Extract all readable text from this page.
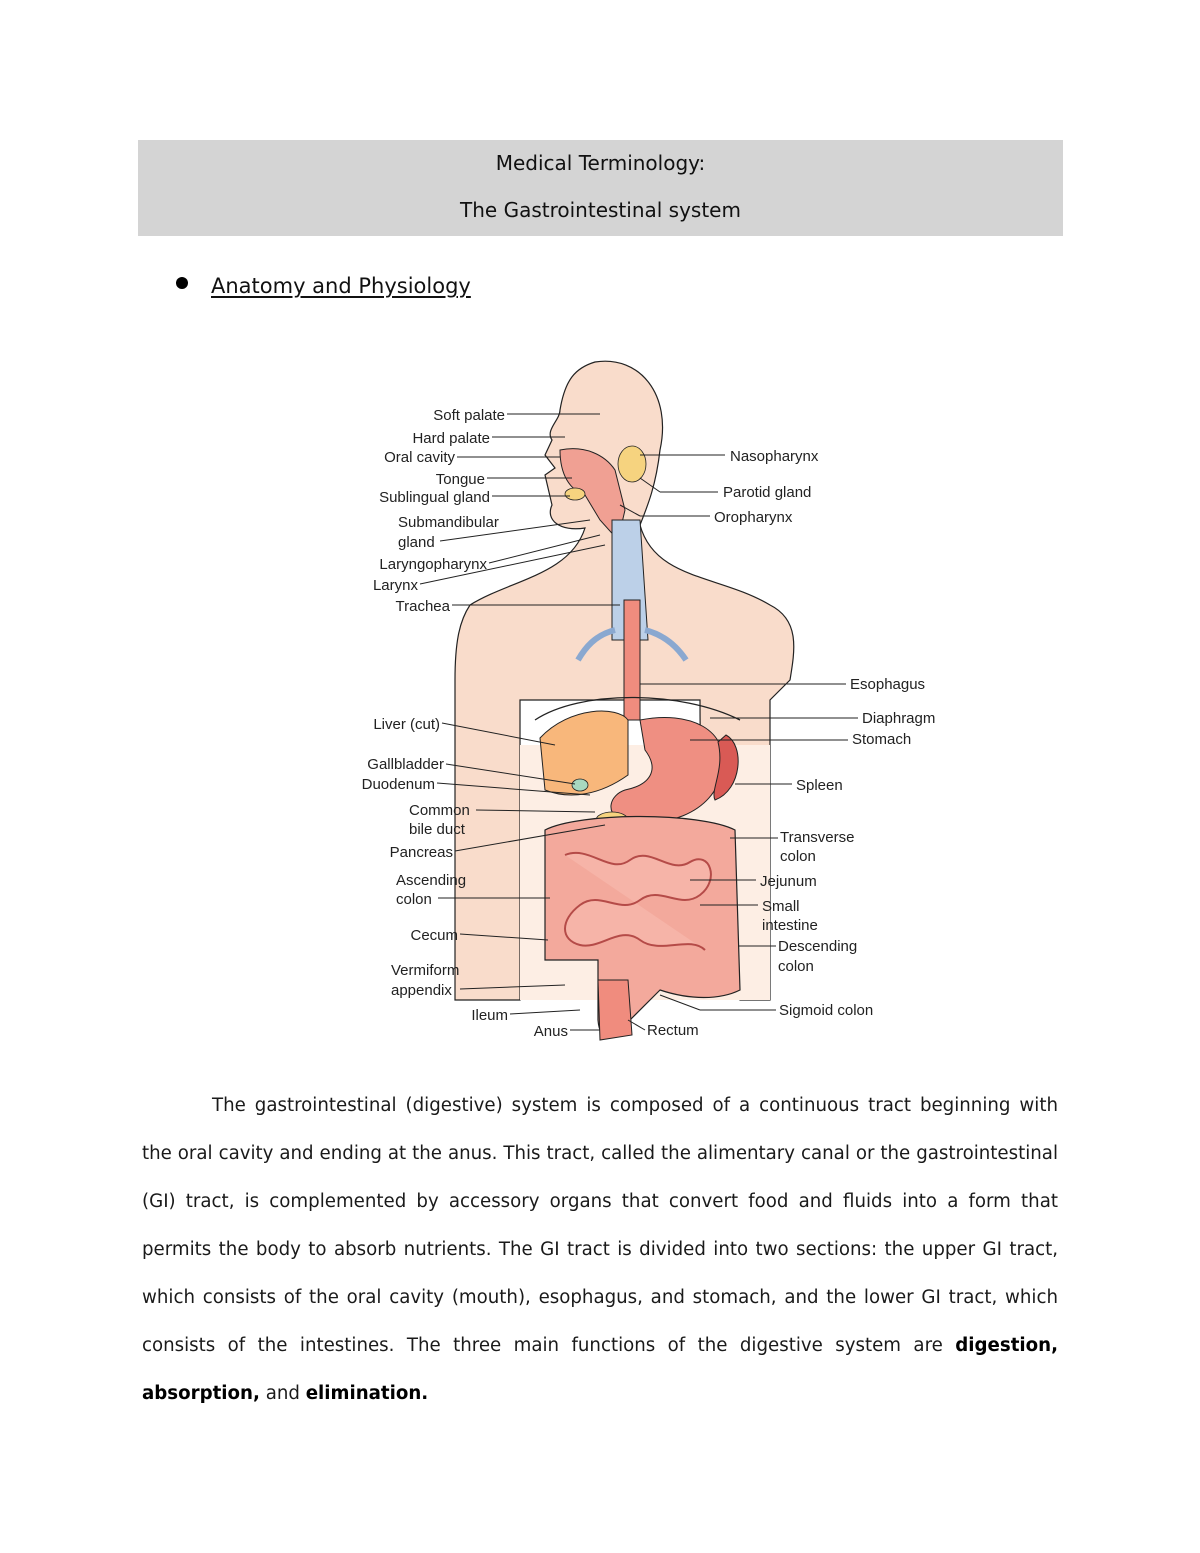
Medical Terminology:
The Gastrointestinal system
Anatomy and Physiology
Soft palate
Hard palate
Oral cavity
Tongue
Sublingual gland
Submandibular
gland
Laryngopharynx
Larynx
Trachea
Liver (cut)
Gallbladder
Duodenum
Common
bile duct
Pancreas
Ascending
colon
Cecum
Vermiform
appendix
Ileum
Anus
Nasopharynx
Parotid gland
Oropharynx
Esophagus
Diaphragm
Stomach
Spleen
Transverse
colon
Jejunum
Small
intestine
Descending
colon
Sigmoid colon
Rectum
The gastrointestinal (digestive) system is composed of a continuous tract beginning with the oral cavity and ending at the anus. This tract, called the alimentary canal or the gastrointestinal (GI) tract, is complemented by accessory organs that convert food and fluids into a form that permits the body to absorb nutrients. The GI tract is divided into two sections: the upper GI tract, which consists of the oral cavity (mouth), esophagus, and stomach, and the lower GI tract, which consists of the intestines. The three main functions of the digestive system are digestion, absorption, and elimination.
